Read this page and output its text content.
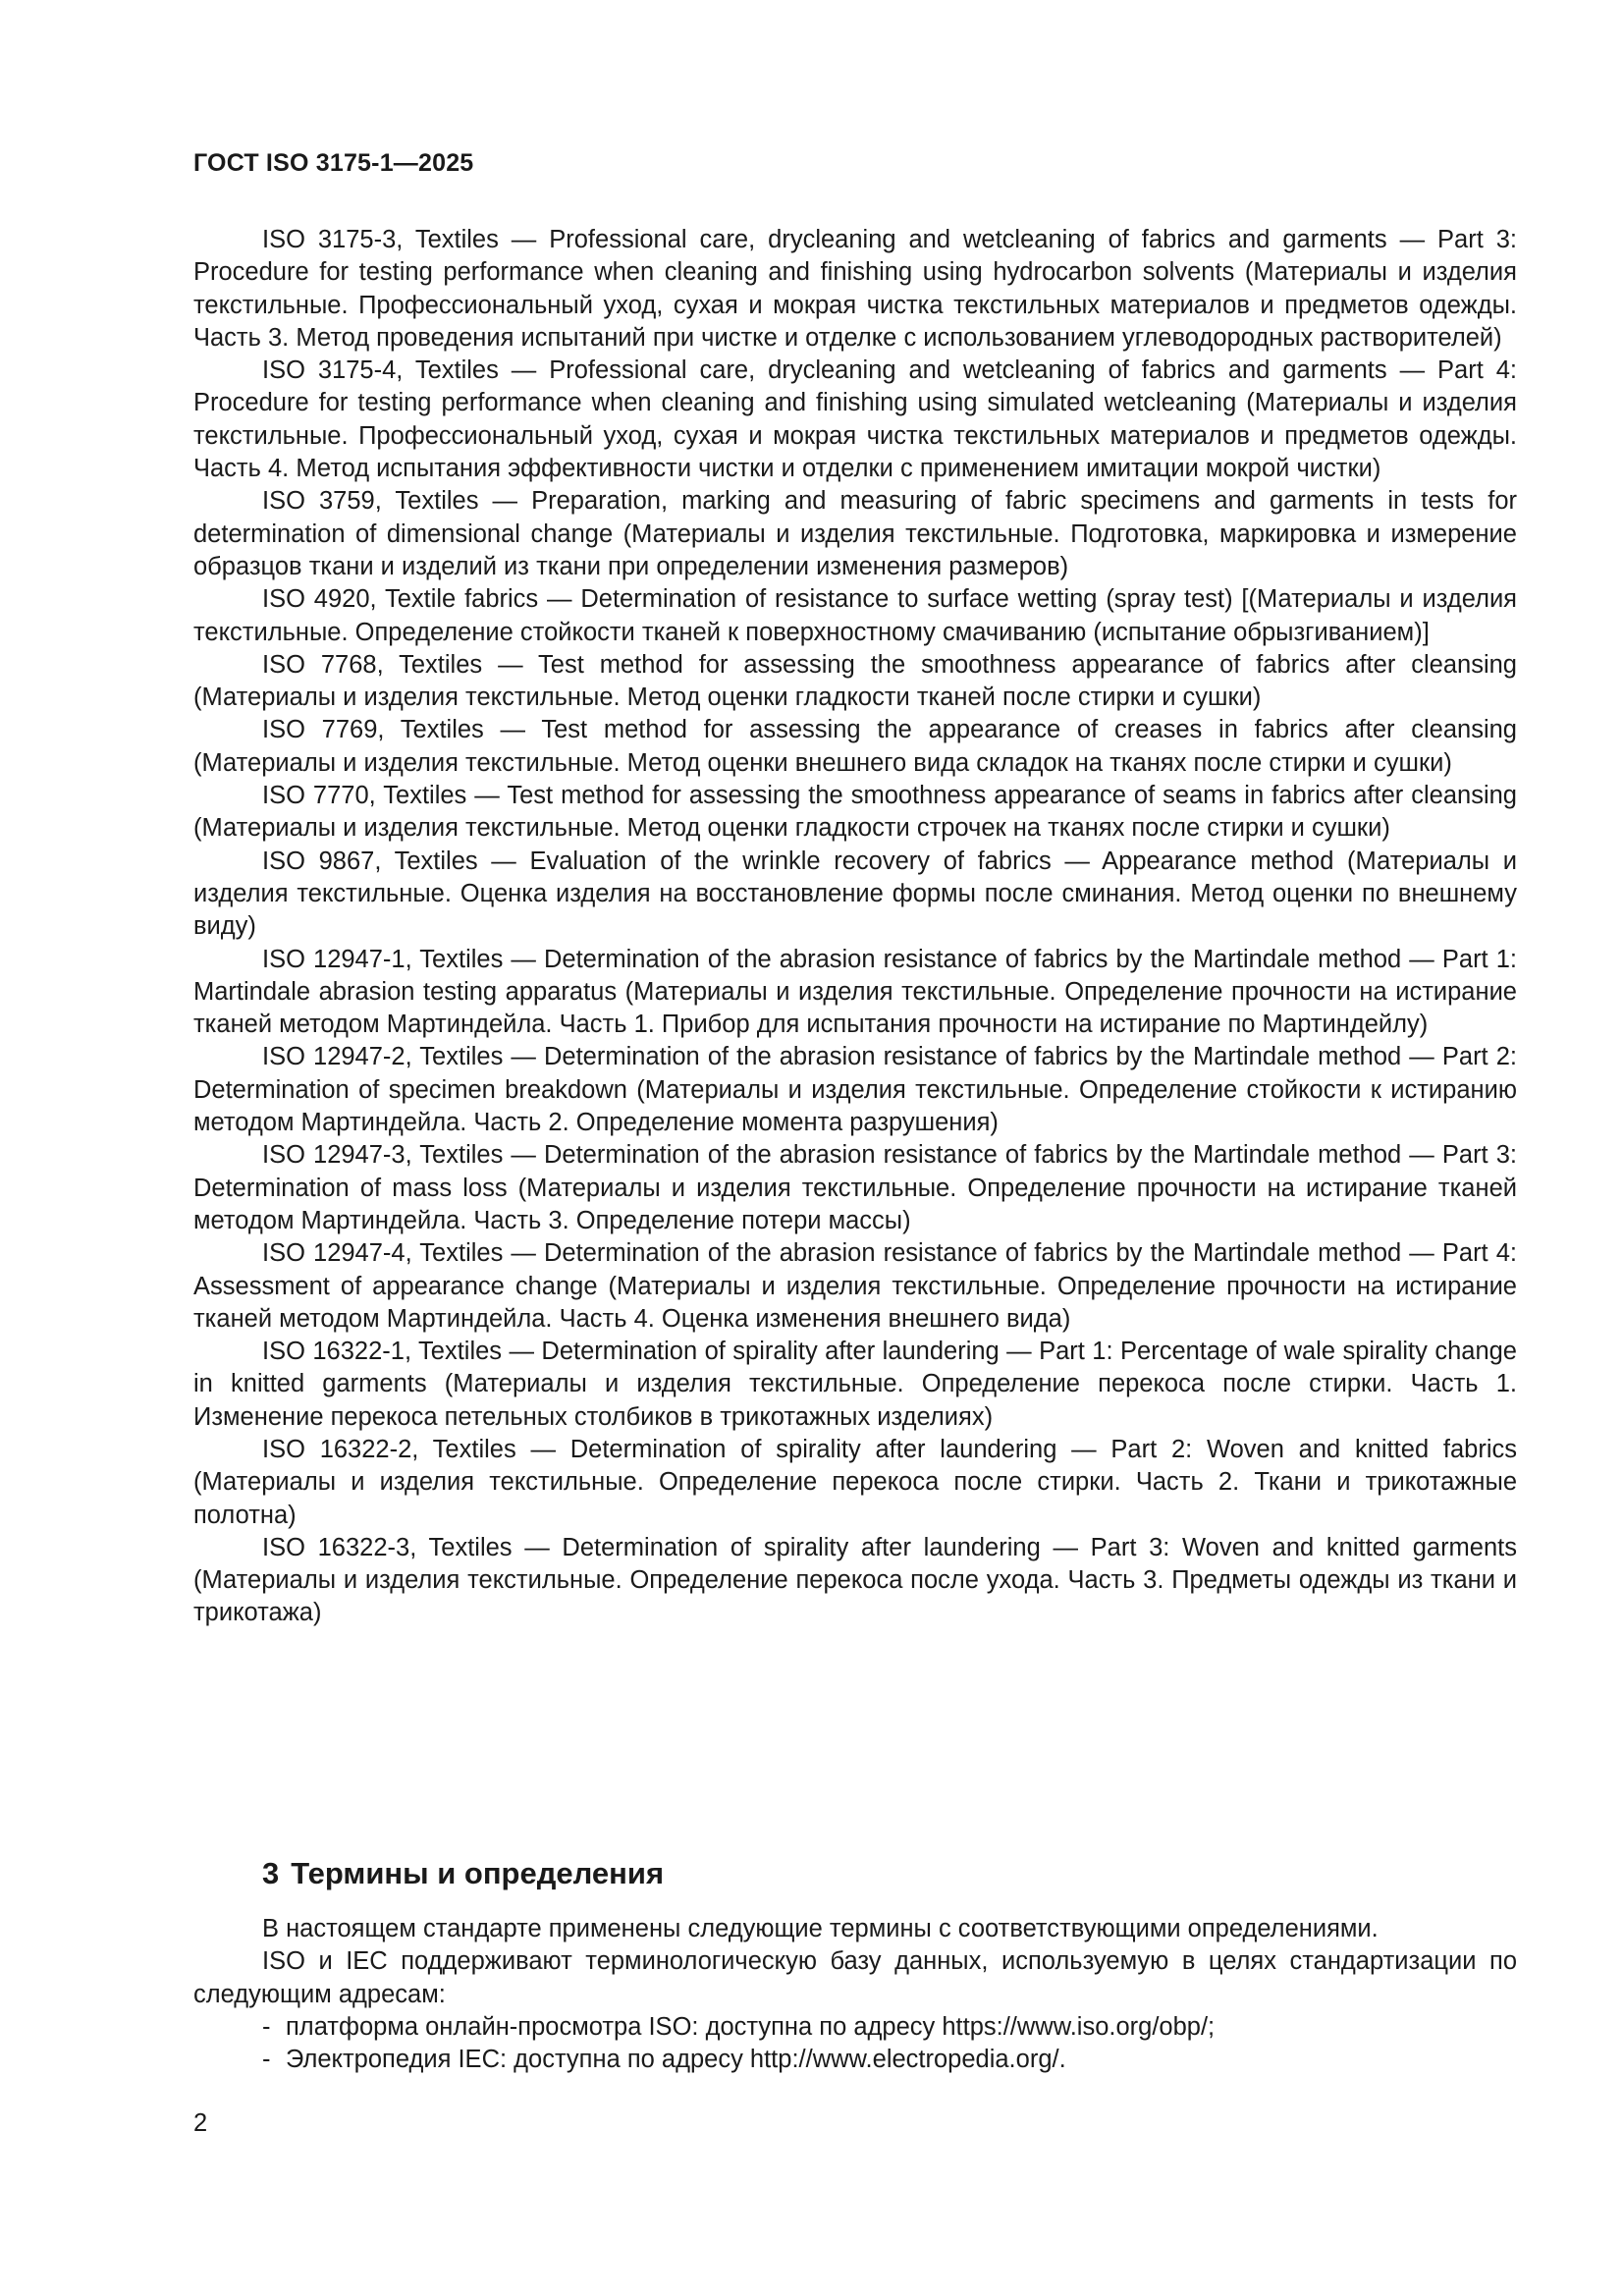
ГОСТ ISO 3175-1—2025

ISO 3175-3, Textiles — Professional care, drycleaning and wetcleaning of fabrics and garments — Part 3: Procedure for testing performance when cleaning and finishing using hydrocarbon solvents (Материалы и изделия текстильные. Профессиональный уход, сухая и мокрая чистка текстильных материалов и предметов одежды. Часть 3. Метод проведения испытаний при чистке и отделке с использованием углеводородных растворителей)

ISO 3175-4, Textiles — Professional care, drycleaning and wetcleaning of fabrics and garments — Part 4: Procedure for testing performance when cleaning and finishing using simulated wetcleaning (Материалы и изделия текстильные. Профессиональный уход, сухая и мокрая чистка текстильных материалов и предметов одежды. Часть 4. Метод испытания эффективности чистки и отделки с применением имитации мокрой чистки)

ISO 3759, Textiles — Preparation, marking and measuring of fabric specimens and garments in tests for determination of dimensional change (Материалы и изделия текстильные. Подготовка, маркировка и измерение образцов ткани и изделий из ткани при определении изменения размеров)

ISO 4920, Textile fabrics — Determination of resistance to surface wetting (spray test) [(Материалы и изделия текстильные. Определение стойкости тканей к поверхностному смачиванию (испытание обрызгиванием)]

ISO 7768, Textiles — Test method for assessing the smoothness appearance of fabrics after cleansing (Материалы и изделия текстильные. Метод оценки гладкости тканей после стирки и сушки)

ISO 7769, Textiles — Test method for assessing the appearance of creases in fabrics after cleansing (Материалы и изделия текстильные. Метод оценки внешнего вида складок на тканях после стирки и сушки)

ISO 7770, Textiles — Test method for assessing the smoothness appearance of seams in fabrics after cleansing (Материалы и изделия текстильные. Метод оценки гладкости строчек на тканях после стирки и сушки)

ISO 9867, Textiles — Evaluation of the wrinkle recovery of fabrics — Appearance method (Материалы и изделия текстильные. Оценка изделия на восстановление формы после сминания. Метод оценки по внешнему виду)

ISO 12947-1, Textiles — Determination of the abrasion resistance of fabrics by the Martindale method — Part 1: Martindale abrasion testing apparatus (Материалы и изделия текстильные. Определение прочности на истирание тканей методом Мартиндейла. Часть 1. Прибор для испытания прочности на истирание по Мартиндейлу)

ISO 12947-2, Textiles — Determination of the abrasion resistance of fabrics by the Martindale method — Part 2: Determination of specimen breakdown (Материалы и изделия текстильные. Определение стойкости к истиранию методом Мартиндейла. Часть 2. Определение момента разрушения)

ISO 12947-3, Textiles — Determination of the abrasion resistance of fabrics by the Martindale method — Part 3: Determination of mass loss (Материалы и изделия текстильные. Определение прочности на истирание тканей методом Мартиндейла. Часть 3. Определение потери массы)

ISO 12947-4, Textiles — Determination of the abrasion resistance of fabrics by the Martindale method — Part 4: Assessment of appearance change (Материалы и изделия текстильные. Определение прочности на истирание тканей методом Мартиндейла. Часть 4. Оценка изменения внешнего вида)

ISO 16322-1, Textiles — Determination of spirality after laundering — Part 1: Percentage of wale spirality change in knitted garments (Материалы и изделия текстильные. Определение перекоса после стирки. Часть 1. Изменение перекоса петельных столбиков в трикотажных изделиях)

ISO 16322-2, Textiles — Determination of spirality after laundering — Part 2: Woven and knitted fabrics (Материалы и изделия текстильные. Определение перекоса после стирки. Часть 2. Ткани и трикотажные полотна)

ISO 16322-3, Textiles — Determination of spirality after laundering — Part 3: Woven and knitted garments (Материалы и изделия текстильные. Определение перекоса после ухода. Часть 3. Предметы одежды из ткани и трикотажа)

3 Термины и определения

В настоящем стандарте применены следующие термины с соответствующими определениями.

ISO и IEC поддерживают терминологическую базу данных, используемую в целях стандартизации по следующим адресам:

- платформа онлайн-просмотра ISO: доступна по адресу https://www.iso.org/obp/;

- Электропедия IEC: доступна по адресу http://www.electropedia.org/.

2
